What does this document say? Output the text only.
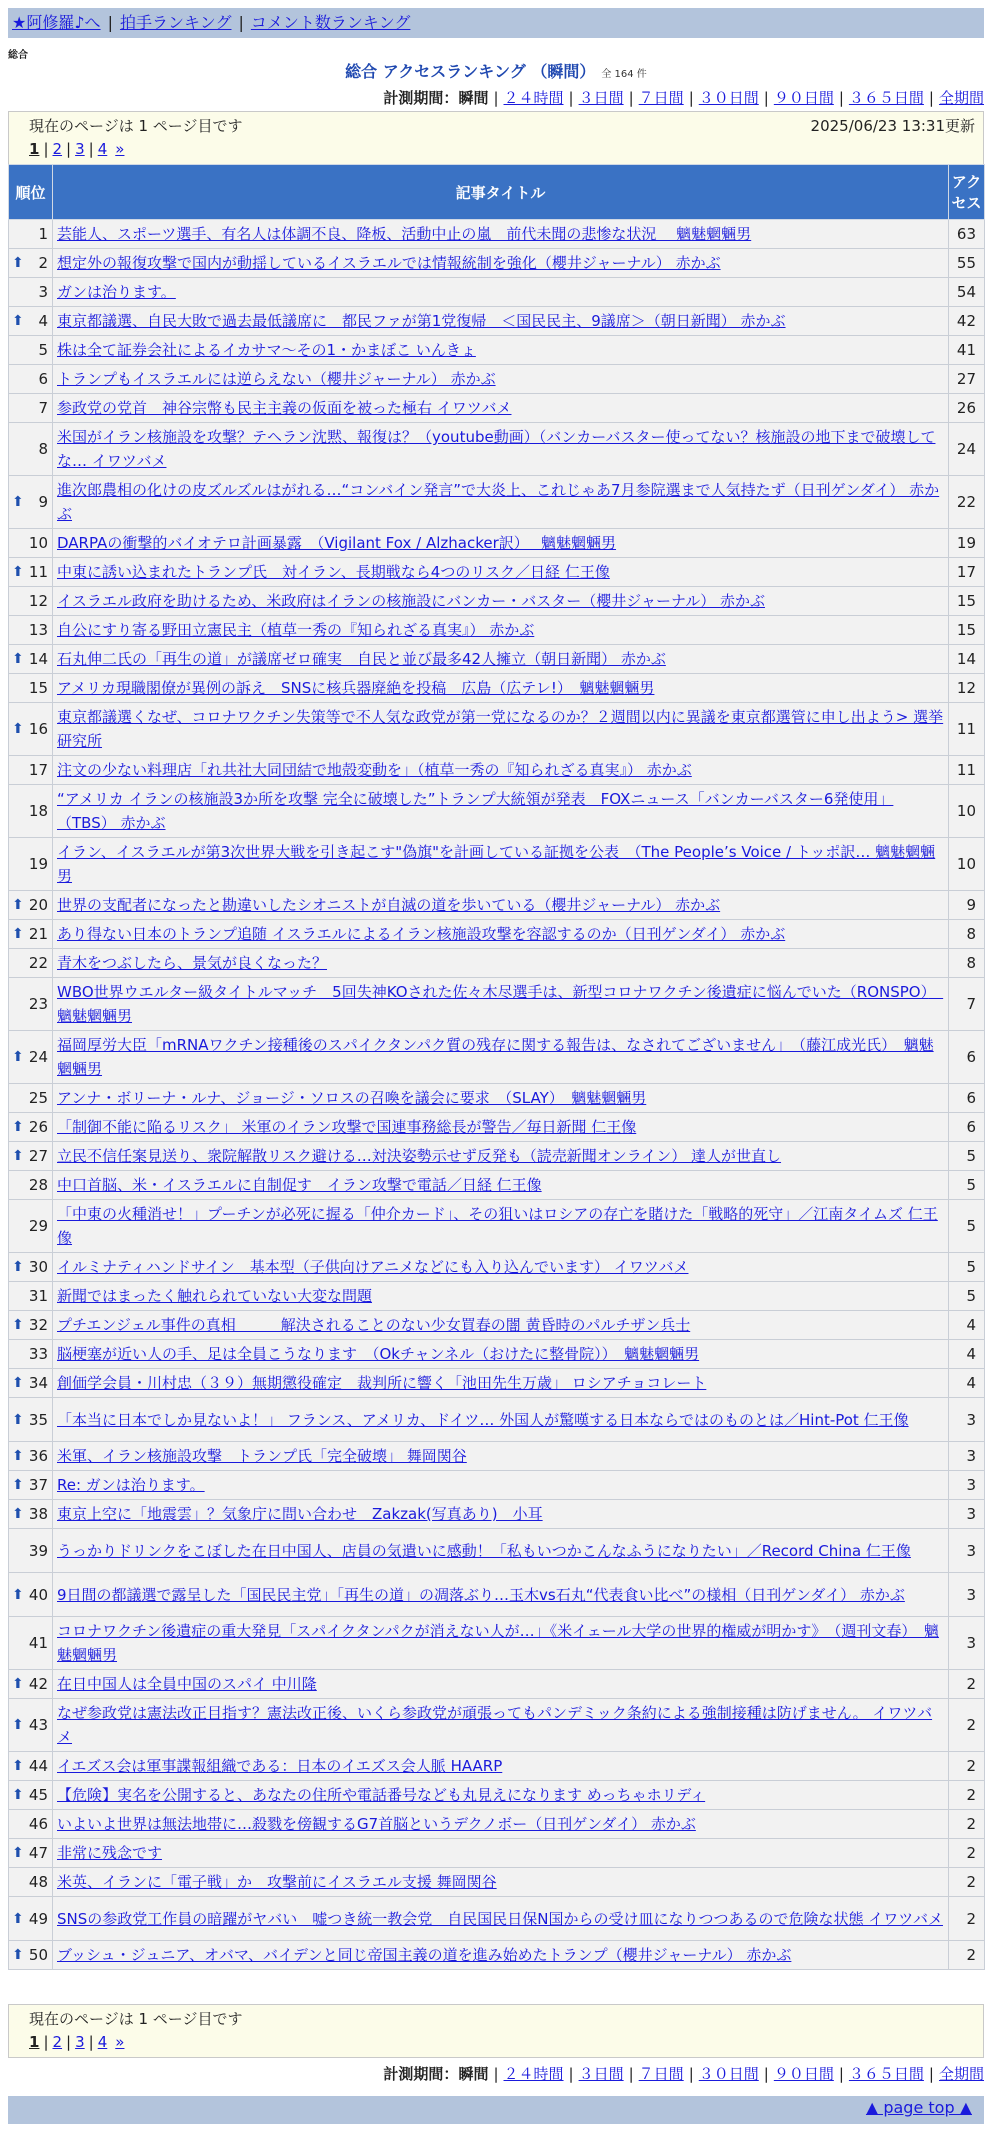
★阿修羅♪へ | 拍手ランキング | コメント数ランキング
総合
総合 アクセスランキング （瞬間） 全 164 件
計測期間：瞬間 | ２４時間 | ３日間 | ７日間 | ３０日間 | ９０日間 | ３６５日間 | 全期間
現在のページは 1 ページ目です	2025/06/23 13:31更新
1 | 2 | 3 | 4 »
順位	記事タイトル	アクセス
1	芸能人、スポーツ選手、有名人は体調不良、降板、活動中止の嵐　前代未聞の悲惨な状況　 魑魅魍魎男	63

⬆ 2	想定外の報復攻撃で国内が動揺しているイスラエルでは情報統制を強化（櫻井ジャーナル） 赤かぶ	55
3	ガンは治ります。	54

⬆ 4	東京都議選、自民大敗で過去最低議席に　都民ファが第1党復帰　＜国民民主、9議席＞（朝日新聞） 赤かぶ	42
5	株は全て証券会社によるイカサマ〜その1・かまぼこ いんきょ	41
6	トランプもイスラエルには逆らえない（櫻井ジャーナル） 赤かぶ	27
7	参政党の党首　神谷宗幣も民主主義の仮面を被った極右 イワツバメ	26
8	米国がイラン核施設を攻撃？テヘラン沈黙、報復は？（youtube動画）（バンカーバスター使ってない？核施設の地下まで破壊してな… イワツバメ	24

⬆ 9	進次郎農相の化けの皮ズルズルはがれる…“コンバイン発言”で大炎上、これじゃあ7月参院選まで人気持たず（日刊ゲンダイ） 赤かぶ	22
10	DARPAの衝撃的バイオテロ計画暴露　（Vigilant Fox / Alzhacker訳）　 魑魅魍魎男	19

⬆ 11	中東に誘い込まれたトランプ氏　対イラン、長期戦なら4つのリスク／日経 仁王像	17
12	イスラエル政府を助けるため、米政府はイランの核施設にバンカー・バスター（櫻井ジャーナル） 赤かぶ	15
13	自公にすり寄る野田立憲民主（植草一秀の『知られざる真実』） 赤かぶ	15

⬆ 14	石丸伸二氏の「再生の道」が議席ゼロ確実　自民と並び最多42人擁立（朝日新聞） 赤かぶ	14
15	アメリカ現職閣僚が異例の訴え　SNSに核兵器廃絶を投稿　広島（広テレ!）　魑魅魍魎男	12

⬆ 16	東京都議選くなぜ、コロナワクチン失策等で不人気な政党が第一党になるのか？２週間以内に異議を東京都選管に申し出よう> 選挙研究所	11
17	注文の少ない料理店「れ共社大同団結で地殻変動を」（植草一秀の『知られざる真実』） 赤かぶ	11
18	“アメリカ イランの核施設3か所を攻撃 完全に破壊した”トランプ大統領が発表　FOXニュース「バンカーバスター6発使用」（TBS） 赤かぶ	10
19	イラン、イスラエルが第3次世界大戦を引き起こす"偽旗"を計画している証拠を公表　（The People’s Voice / トッポ訳… 魑魅魍魎男	10

⬆ 20	世界の支配者になったと勘違いしたシオニストが自滅の道を歩いている（櫻井ジャーナル） 赤かぶ	9

⬆ 21	あり得ない日本のトランプ追随 イスラエルによるイラン核施設攻撃を容認するのか（日刊ゲンダイ） 赤かぶ	8
22	青木をつぶしたら、景気が良くなった？	8
23	WBO世界ウエルター級タイトルマッチ　5回失神KOされた佐々木尽選手は、新型コロナワクチン後遺症に悩んでいた（RONSPO）　魑魅魍魎男	7

⬆ 24	福岡厚労大臣「mRNAワクチン接種後のスパイクタンパク質の残存に関する報告は、なされてございません」　（藤江成光氏）　魑魅魍魎男	6
25	アンナ・ボリーナ・ルナ、ジョージ・ソロスの召喚を議会に要求　（SLAY）　魑魅魍魎男	6

⬆ 26	「制御不能に陥るリスク」 米軍のイラン攻撃で国連事務総長が警告／毎日新聞 仁王像	6

⬆ 27	立民不信任案見送り、衆院解散リスク避ける…対決姿勢示せず反発も（読売新聞オンライン） 達人が世直し	5
28	中口首脳、米・イスラエルに自制促す　イラン攻撃で電話／日経 仁王像	5
29	「中東の火種消せ！」プーチンが必死に握る「仲介カード」、その狙いはロシアの存亡を賭けた「戦略的死守」／江南タイムズ 仁王像	5

⬆ 30	イルミナティハンドサイン　基本型（子供向けアニメなどにも入り込んでいます） イワツバメ	5
31	新聞ではまったく触れられていない大変な問題	5

⬆ 32	プチエンジェル事件の真相　　　解決されることのない少女買春の闇 黄昏時のパルチザン兵士	4
33	脳梗塞が近い人の手、足は全員こうなります　（Okチャンネル（おけたに整骨院））　魑魅魍魎男	4

⬆ 34	創価学会員・川村忠（３９）無期懲役確定　裁判所に響く「池田先生万歳」 ロシアチョコレート	4

⬆ 35	「本当に日本でしか見ないよ！」 フランス、アメリカ、ドイツ… 外国人が驚嘆する日本ならではのものとは／Hint-Pot 仁王像	3

⬆ 36	米軍、イラン核施設攻撃　トランプ氏「完全破壊」 舞岡関谷	3

⬆ 37	Re: ガンは治ります。	3

⬆ 38	東京上空に「地震雲」？気象庁に問い合わせ　Zakzak(写真あり)　小耳	3
39	うっかりドリンクをこぼした在日中国人、店員の気遣いに感動！「私もいつかこんなふうになりたい」／Record China 仁王像	3

⬆ 40	9日間の都議選で露呈した「国民民主党」「再生の道」の凋落ぶり…玉木vs石丸“代表食い比べ”の様相（日刊ゲンダイ） 赤かぶ	3
41	コロナワクチン後遺症の重大発見「スパイクタンパクが消えない人が…」《米イェール大学の世界的権威が明かす》　（週刊文春）　魑魅魍魎男	3

⬆ 42	在日中国人は全員中国のスパイ 中川隆	2

⬆ 43	なぜ参政党は憲法改正目指す？憲法改正後、いくら参政党が頑張ってもパンデミック条約による強制接種は防げません。 イワツバメ	2

⬆ 44	イエズス会は軍事諜報組織である：日本のイエズス会人脈 HAARP	2

⬆ 45	【危険】実名を公開すると、あなたの住所や電話番号なども丸見えになります めっちゃホリディ	2
46	いよいよ世界は無法地帯に…殺戮を傍観するG7首脳というデクノボー（日刊ゲンダイ） 赤かぶ	2

⬆ 47	非常に残念です	2
48	米英、イランに「電子戦」か　攻撃前にイスラエル支援 舞岡関谷	2

⬆ 49	SNSの参政党工作員の暗躍がヤバい　嘘つき統一教会党　自民国民日保N国からの受け皿になりつつあるので危険な状態 イワツバメ	2

⬆ 50	ブッシュ・ジュニア、オバマ、バイデンと同じ帝国主義の道を進み始めたトランプ（櫻井ジャーナル） 赤かぶ	2
現在のページは 1 ページ目です
1 | 2 | 3 | 4 »
計測期間：瞬間 | ２４時間 | ３日間 | ７日間 | ３０日間 | ９０日間 | ３６５日間 | 全期間
▲ page top ▲
